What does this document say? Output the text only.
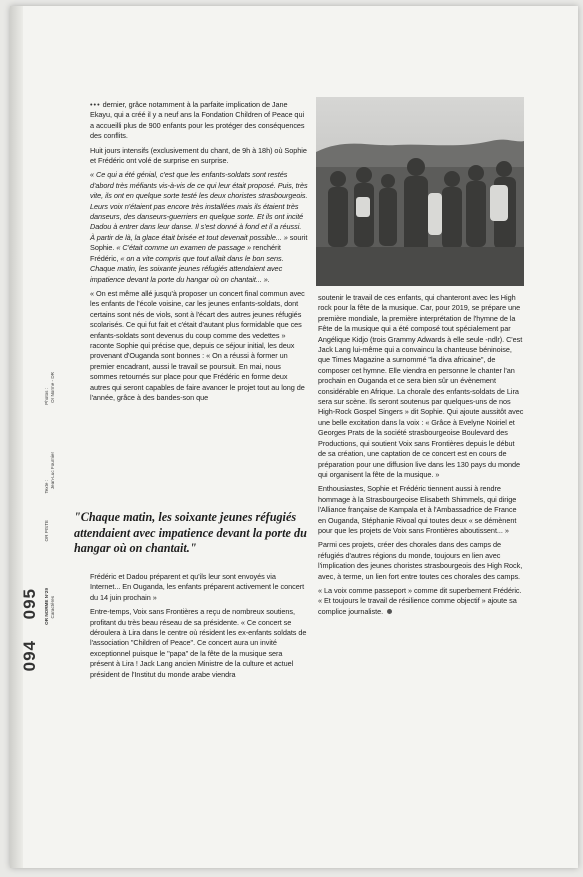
094
095 OR NORME N°29 Caractères
OR PISTE
Texte : Jean-Luc Fournier
Photos : Or Norme - DR

••• dernier, grâce notamment à la parfaite implication de Jane Ekayu, qui a créé il y a neuf ans la Fondation Children of Peace qui a accueilli plus de 900 enfants pour les protéger des conséquences des conflits.

Huit jours intensifs (exclusivement du chant, de 9h à 18h) où Sophie et Frédéric ont volé de surprise en surprise.

« Ce qui a été génial, c'est que les enfants-soldats sont restés d'abord très méfiants vis-à-vis de ce qui leur était proposé. Puis, très vite, ils ont en quelque sorte testé les deux choristes strasbourgeois. Leurs voix n'étaient pas encore très installées mais ils étaient très danseurs, des danseurs-guerriers en quelque sorte. Et ils ont incité Dadou à entrer dans leur danse. Il s'est donné à fond et il a réussi. À partir de là, la glace était brisée et tout devenait possible... » sourit Sophie. « C'était comme un examen de passage » renchérit Frédéric, « on a vite compris que tout allait dans le bon sens. Chaque matin, les soixante jeunes réfugiés attendaient avec impatience devant la porte du hangar où on chantait... ».

« On est même allé jusqu'à proposer un concert final commun avec les enfants de l'école voisine, car les jeunes enfants-soldats, dont certains sont nés de viols, sont à l'écart des autres jeunes réfugiés scolarisés. Ce qui fut fait et c'était d'autant plus formidable que ces enfants-soldats sont devenus du coup comme des vedettes » raconte Sophie qui précise que, depuis ce séjour initial, les deux provenant d'Ouganda sont bonnes : « On a réussi à former un premier encadrant, aussi le travail se poursuit. En mai, nous sommes retournés sur place pour que Frédéric en forme deux autres qui seront capables de faire avancer le projet tout au long de l'année, grâce à des bandes-son que

"Chaque matin, les soixante jeunes réfugiés attendaient avec impatience devant la porte du hangar où on chantait."

Frédéric et Dadou préparent et qu'ils leur sont envoyés via Internet... En Ouganda, les enfants préparent activement le concert du 14 juin prochain »

Entre-temps, Voix sans Frontières a reçu de nombreux soutiens, profitant du très beau réseau de sa présidente. « Ce concert se déroulera à Lira dans le centre où résident les ex-enfants soldats de l'association "Children of Peace". Ce concert aura un invité exceptionnel puisque le "papa" de la fête de la musique sera présent à Lira ! Jack Lang ancien Ministre de la culture et actuel président de l'Institut du monde arabe viendra

soutenir le travail de ces enfants, qui chanteront avec les High rock pour la fête de la musique. Car, pour 2019, se prépare une première mondiale, la première interprétation de l'hymne de la Fête de la musique qui a été composé tout spécialement par Angélique Kidjo (trois Grammy Adwards à elle seule -ndlr). C'est Jack Lang lui-même qui a convaincu la chanteuse béninoise, que Times Magazine a surnommé "la diva africaine", de composer cet hymne. Elle viendra en personne le chanter l'an prochain en Ouganda et ce sera bien sûr un évènement considérable en Afrique. La chorale des enfants-soldats de Lira sera sur scène. Ils seront soutenus par quelques-uns de nos High-Rock Gospel Singers » dit Sophie. Qui ajoute aussitôt avec une belle excitation dans la voix : « Grâce à Evelyne Noiriel et Georges Prats de la société strasbourgeoise Boulevard des Productions, qui soutient Voix sans Frontières depuis le début de sa création, une captation de ce concert est en cours de préparation pour une diffusion live dans les 130 pays du monde qui organisent la fête de la musique. »

Enthousiastes, Sophie et Frédéric tiennent aussi à rendre hommage à la Strasbourgeoise Elisabeth Shimmels, qui dirige l'Alliance française de Kampala et à l'Ambassadrice de France en Ouganda, Stéphanie Rivoal qui toutes deux « se démènent pour que les projets de Voix sans Frontières aboutissent... »

Parmi ces projets, créer des chorales dans des camps de réfugiés d'autres régions du monde, toujours en lien avec l'implication des jeunes choristes strasbourgeois des High Rock, avec, à terme, un lien fort entre toutes ces chorales des camps.

« La voix comme passeport » comme dit superbement Frédéric. « Et toujours le travail de résilience comme objectif » ajoute sa complice journaliste.
